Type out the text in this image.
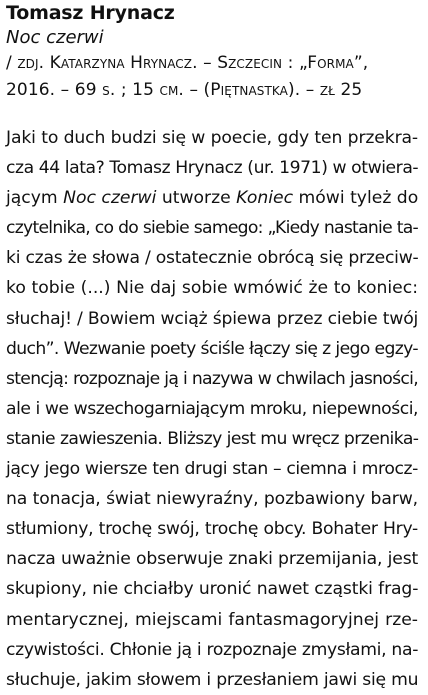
Tomasz Hrynacz

Noc czerwi

/ zdj. Katarzyna Hrynacz. – Szczecin : „Forma”,

2016. – 69 s. ; 15 cm. – (Piętnastka). – zł 25

Jaki to duch budzi się w poecie, gdy ten przekra-
cza 44 lata? Tomasz Hrynacz (ur. 1971) w otwiera-
jącym Noc czerwi utworze Koniec mówi tyleż do
czytelnika, co do siebie samego: „Kiedy nastanie ta-
ki czas że słowa / ostatecznie obrócą się przeciw-
ko tobie (...) Nie daj sobie wmówić że to koniec:
słuchaj! / Bowiem wciąż śpiewa przez ciebie twój
duch”. Wezwanie poety ściśle łączy się z jego egzy-
stencją: rozpoznaje ją i nazywa w chwilach jasności,
ale i we wszechogarniającym mroku, niepewności,
stanie zawieszenia. Bliższy jest mu wręcz przenika-
jący jego wiersze ten drugi stan – ciemna i mrocz-
na tonacja, świat niewyraźny, pozbawiony barw,
stłumiony, trochę swój, trochę obcy. Bohater Hry-
nacza uważnie obserwuje znaki przemijania, jest
skupiony, nie chciałby uronić nawet cząstki frag-
mentarycznej, miejscami fantasmagoryjnej rze-
czywistości. Chłonie ją i rozpoznaje zmysłami, na-
słuchuje, jakim słowem i przesłaniem jawi się mu
